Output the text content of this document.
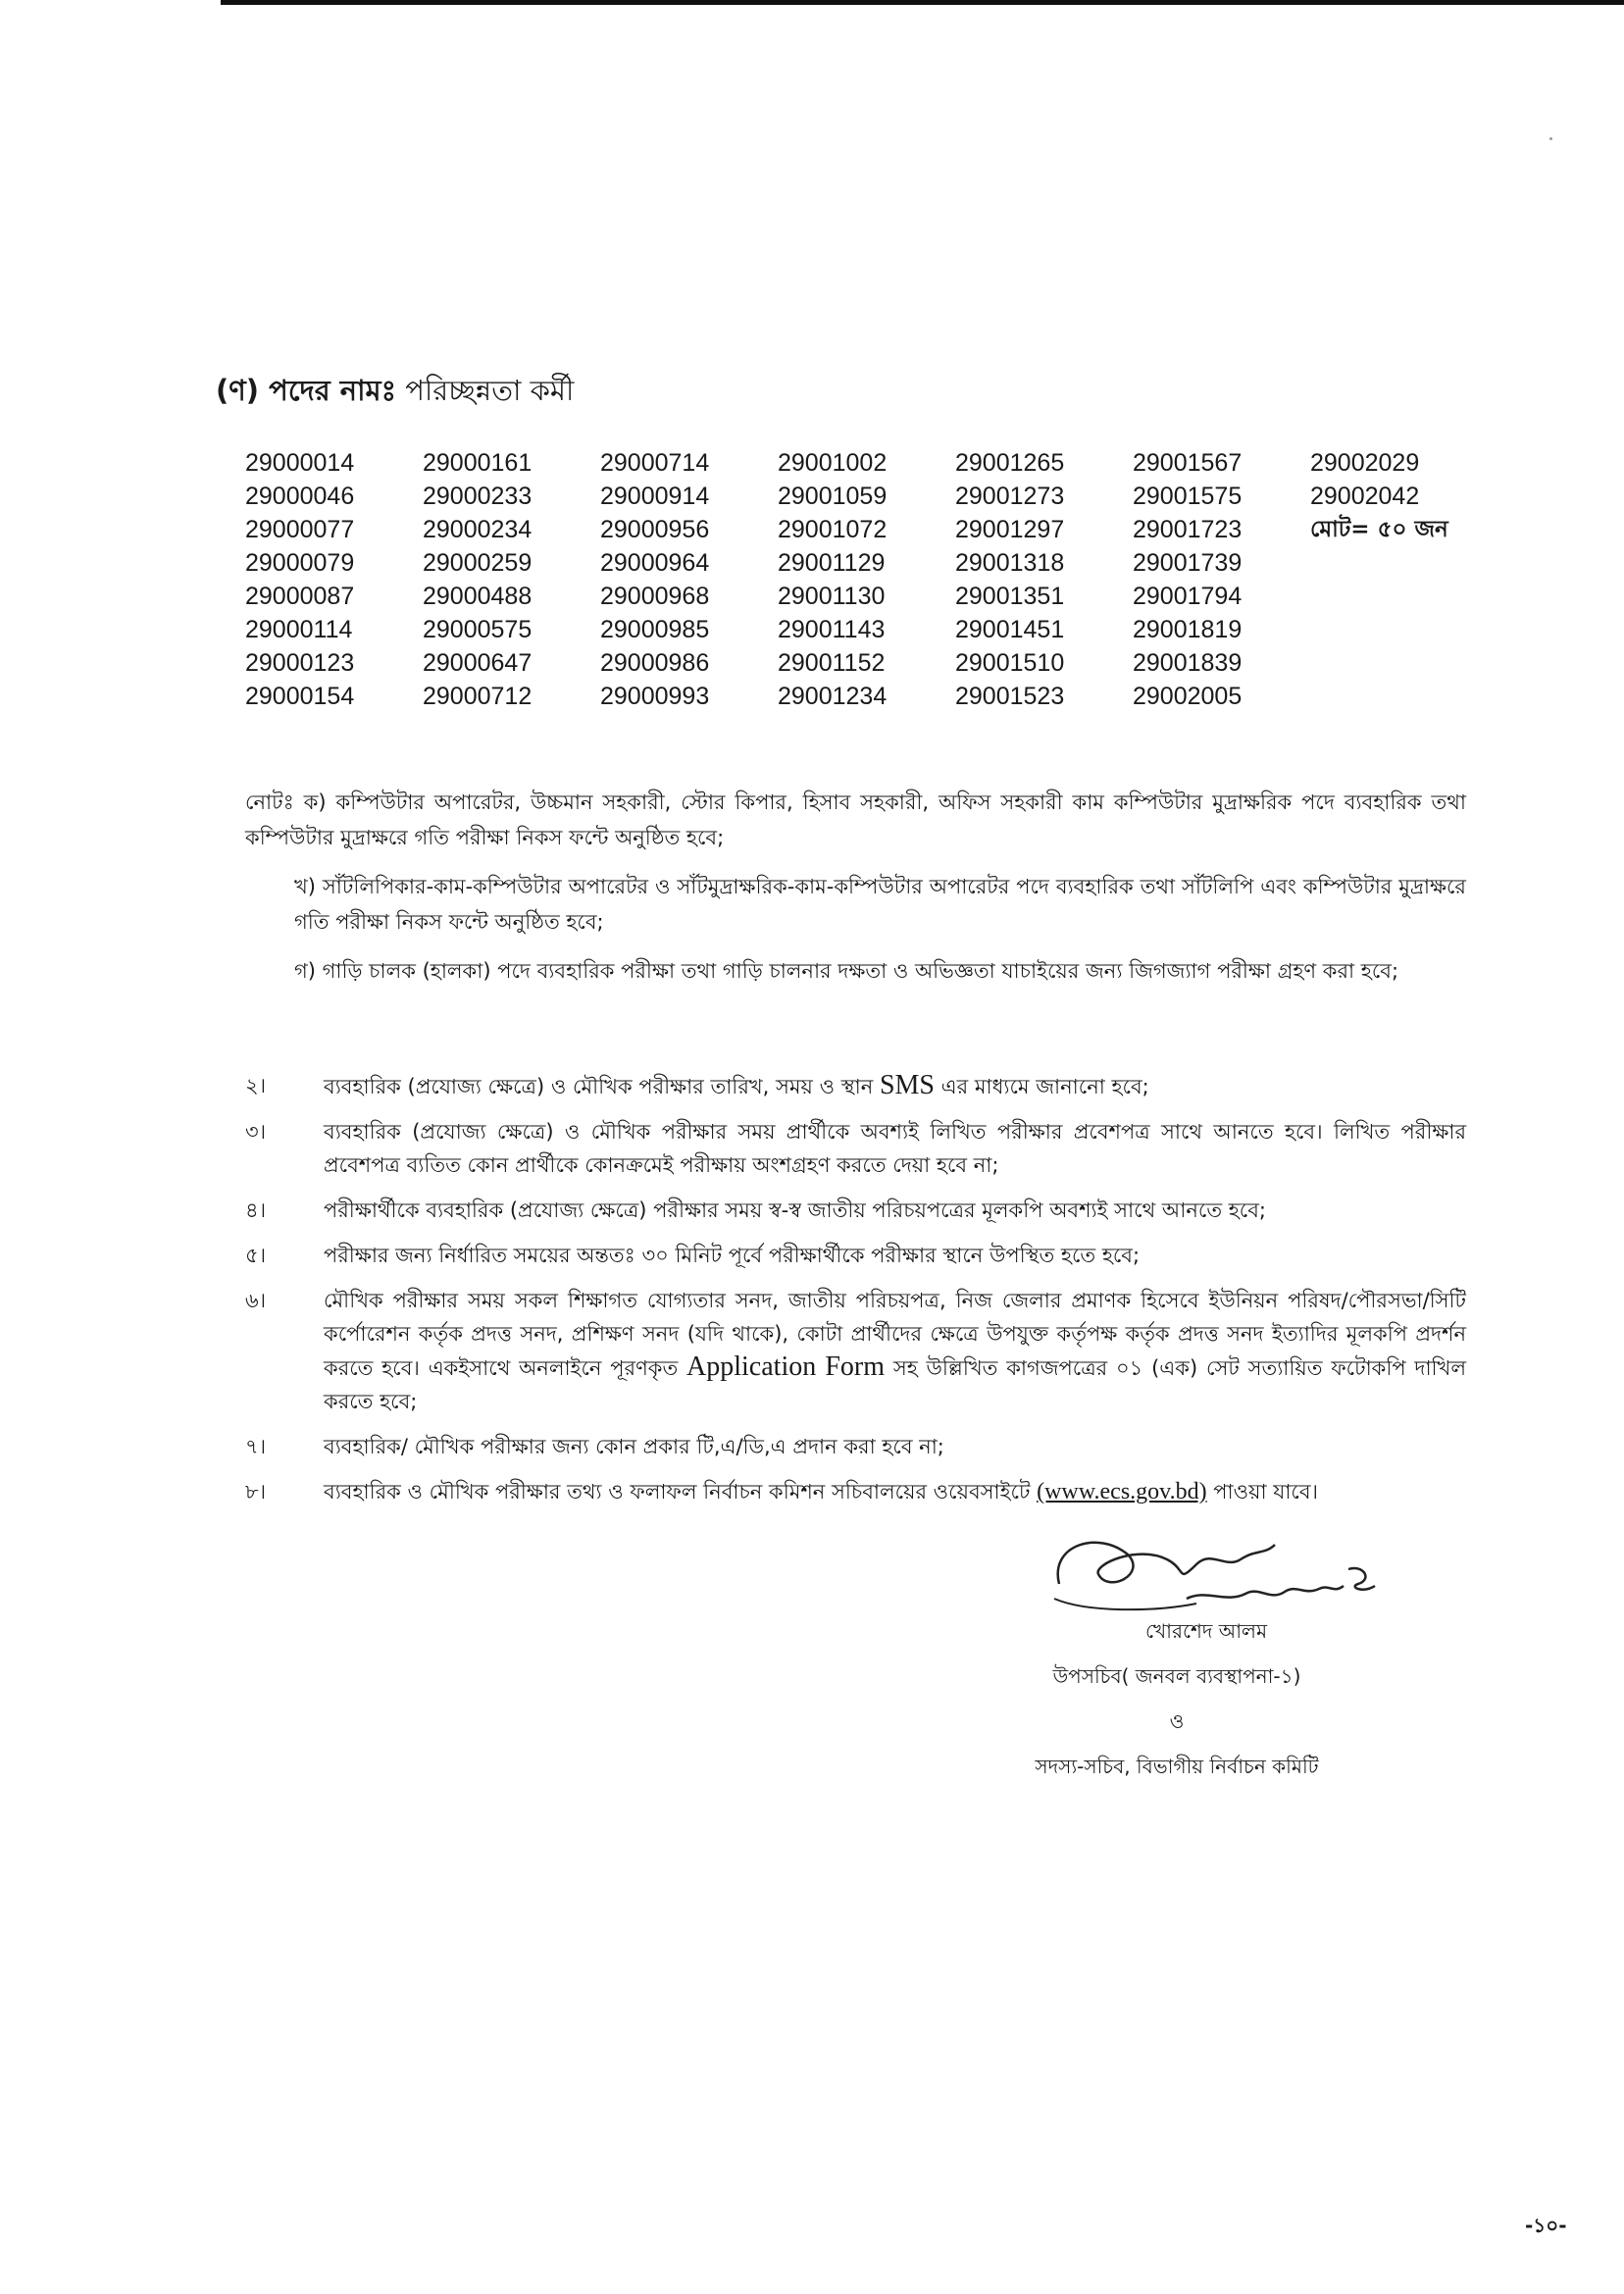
(ণ) পদের নামঃ পরিচ্ছন্নতা কর্মী
29000014	29000161	29000714	29001002	29001265	29001567	29002029
29000046	29000233	29000914	29001059	29001273	29001575	29002042
29000077	29000234	29000956	29001072	29001297	29001723	মোট= ৫০ জন
29000079	29000259	29000964	29001129	29001318	29001739
29000087	29000488	29000968	29001130	29001351	29001794
29000114	29000575	29000985	29001143	29001451	29001819
29000123	29000647	29000986	29001152	29001510	29001839
29000154	29000712	29000993	29001234	29001523	29002005

নোটঃ ক) কম্পিউটার অপারেটর, উচ্চমান সহকারী, স্টোর কিপার, হিসাব সহকারী, অফিস সহকারী কাম কম্পিউটার মুদ্রাক্ষরিক পদে ব্যবহারিক তথা কম্পিউটার মুদ্রাক্ষরে গতি পরীক্ষা নিকস ফন্টে অনুষ্ঠিত হবে;

খ) সাঁটলিপিকার-কাম-কম্পিউটার অপারেটর ও সাঁটমুদ্রাক্ষরিক-কাম-কম্পিউটার অপারেটর পদে ব্যবহারিক তথা সাঁটলিপি এবং কম্পিউটার মুদ্রাক্ষরে গতি পরীক্ষা নিকস ফন্টে অনুষ্ঠিত হবে;

গ) গাড়ি চালক (হালকা) পদে ব্যবহারিক পরীক্ষা তথা গাড়ি চালনার দক্ষতা ও অভিজ্ঞতা যাচাইয়ের জন্য জিগজ্যাগ পরীক্ষা গ্রহণ করা হবে;

২।	ব্যবহারিক (প্রযোজ্য ক্ষেত্রে) ও মৌখিক পরীক্ষার তারিখ, সময় ও স্থান SMS এর মাধ্যমে জানানো হবে;
৩।	ব্যবহারিক (প্রযোজ্য ক্ষেত্রে) ও মৌখিক পরীক্ষার সময় প্রার্থীকে অবশ্যই লিখিত পরীক্ষার প্রবেশপত্র সাথে আনতে হবে। লিখিত পরীক্ষার প্রবেশপত্র ব্যতিত কোন প্রার্থীকে কোনক্রমেই পরীক্ষায় অংশগ্রহণ করতে দেয়া হবে না;
৪।	পরীক্ষার্থীকে ব্যবহারিক (প্রযোজ্য ক্ষেত্রে) পরীক্ষার সময় স্ব-স্ব জাতীয় পরিচয়পত্রের মূলকপি অবশ্যই সাথে আনতে হবে;
৫।	পরীক্ষার জন্য নির্ধারিত সময়ের অন্ততঃ ৩০ মিনিট পূর্বে পরীক্ষার্থীকে পরীক্ষার স্থানে উপস্থিত হতে হবে;
৬।	মৌখিক পরীক্ষার সময় সকল শিক্ষাগত যোগ্যতার সনদ, জাতীয় পরিচয়পত্র, নিজ জেলার প্রমাণক হিসেবে ইউনিয়ন পরিষদ/পৌরসভা/সিটি কর্পোরেশন কর্তৃক প্রদত্ত সনদ, প্রশিক্ষণ সনদ (যদি থাকে), কোটা প্রার্থীদের ক্ষেত্রে উপযুক্ত কর্তৃপক্ষ কর্তৃক প্রদত্ত সনদ ইত্যাদির মূলকপি প্রদর্শন করতে হবে। একইসাথে অনলাইনে পূরণকৃত Application Form সহ উল্লিখিত কাগজপত্রের ০১ (এক) সেট সত্যায়িত ফটোকপি দাখিল করতে হবে;
৭।	ব্যবহারিক/ মৌখিক পরীক্ষার জন্য কোন প্রকার টি,এ/ডি,এ প্রদান করা হবে না;
৮।	ব্যবহারিক ও মৌখিক পরীক্ষার তথ্য ও ফলাফল নির্বাচন কমিশন সচিবালয়ের ওয়েবসাইটে (www.ecs.gov.bd) পাওয়া যাবে।
খোরশেদ আলম
উপসচিব( জনবল ব্যবস্থাপনা-১)
ও
সদস্য-সচিব, বিভাগীয় নির্বাচন কমিটি
-১০-
